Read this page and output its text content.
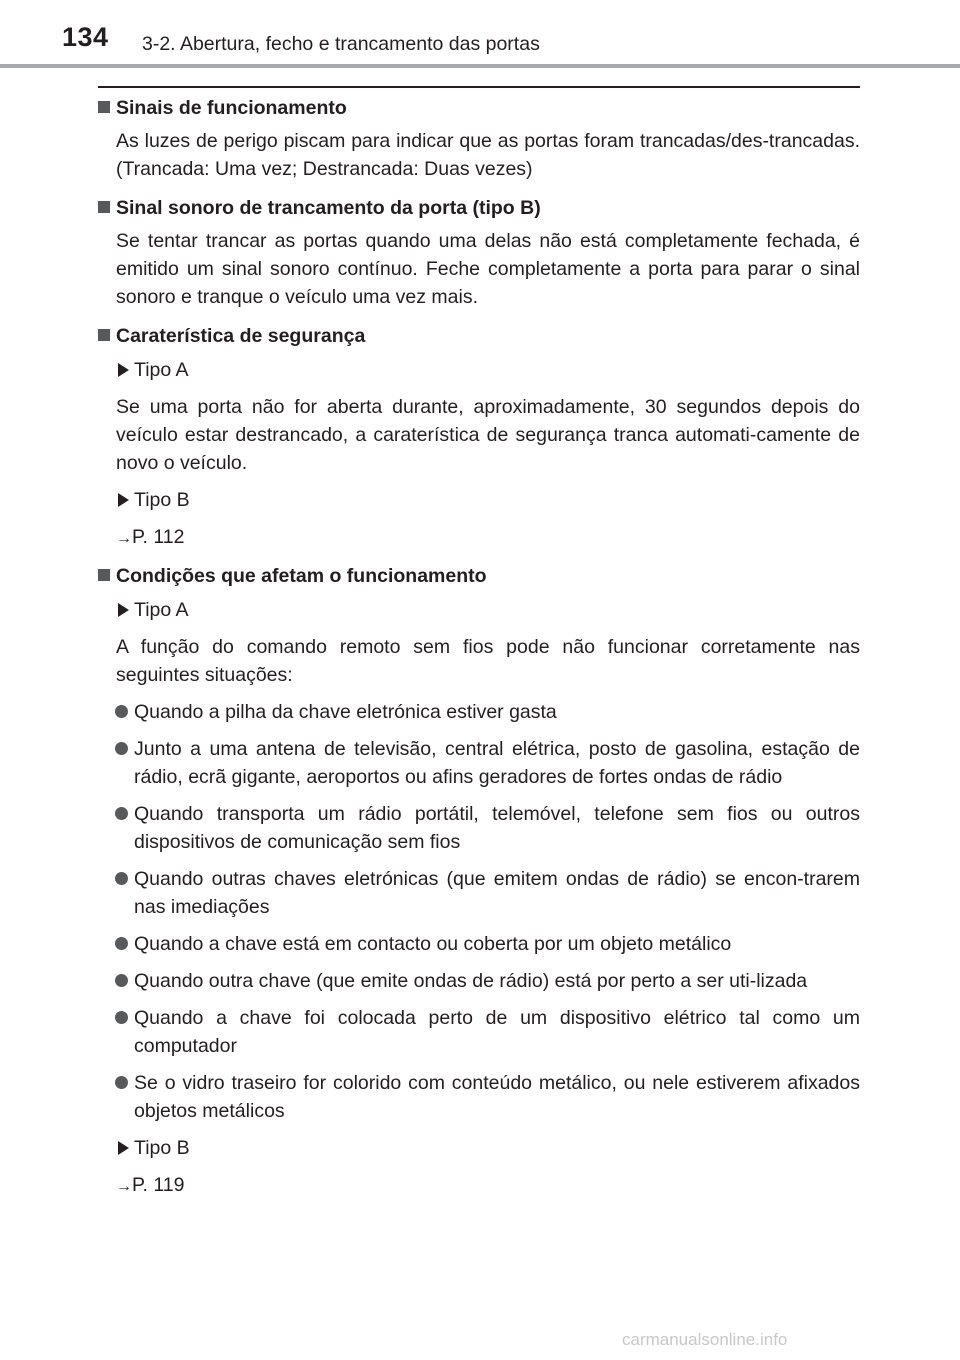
134 3-2. Abertura, fecho e trancamento das portas
Sinais de funcionamento

As luzes de perigo piscam para indicar que as portas foram trancadas/des-trancadas. (Trancada: Uma vez; Destrancada: Duas vezes)

Sinal sonoro de trancamento da porta (tipo B)

Se tentar trancar as portas quando uma delas não está completamente fechada, é emitido um sinal sonoro contínuo. Feche completamente a porta para parar o sinal sonoro e tranque o veículo uma vez mais.

Caraterística de segurança
Tipo A

Se uma porta não for aberta durante, aproximadamente, 30 segundos depois do veículo estar destrancado, a caraterística de segurança tranca automati-camente de novo o veículo.

Tipo B

→P. 112

Condições que afetam o funcionamento
Tipo A

A função do comando remoto sem fios pode não funcionar corretamente nas seguintes situações:

Quando a pilha da chave eletrónica estiver gasta
Junto a uma antena de televisão, central elétrica, posto de gasolina, estação de rádio, ecrã gigante, aeroportos ou afins geradores de fortes ondas de rádio
Quando transporta um rádio portátil, telemóvel, telefone sem fios ou outros dispositivos de comunicação sem fios
Quando outras chaves eletrónicas (que emitem ondas de rádio) se encon-trarem nas imediações
Quando a chave está em contacto ou coberta por um objeto metálico
Quando outra chave (que emite ondas de rádio) está por perto a ser uti-lizada
Quando a chave foi colocada perto de um dispositivo elétrico tal como um computador
Se o vidro traseiro for colorido com conteúdo metálico, ou nele estiverem afixados objetos metálicos
Tipo B

→P. 119

carmanualsonline.info
